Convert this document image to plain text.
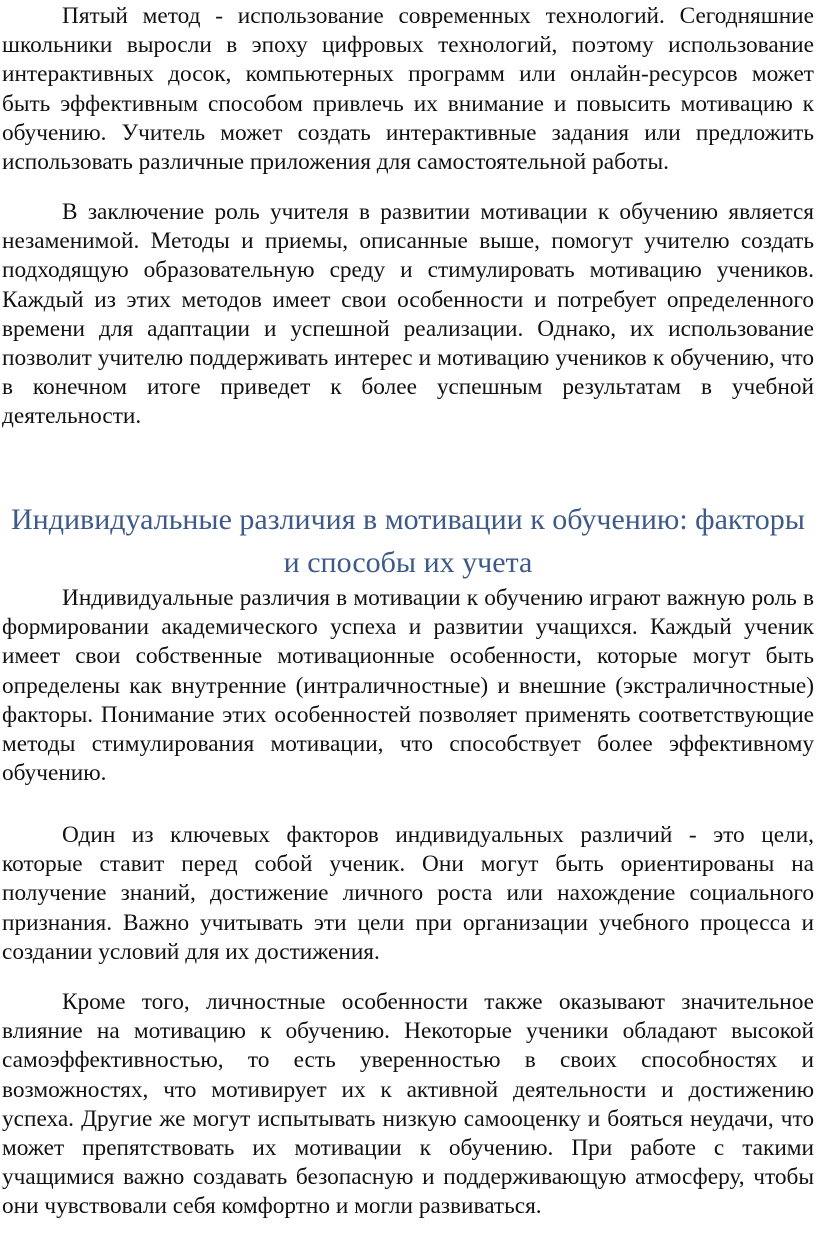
Пятый метод - использование современных технологий. Сегодняшние школьники выросли в эпоху цифровых технологий, поэтому использование интерактивных досок, компьютерных программ или онлайн-ресурсов может быть эффективным способом привлечь их внимание и повысить мотивацию к обучению. Учитель может создать интерактивные задания или предложить использовать различные приложения для самостоятельной работы.

В заключение роль учителя в развитии мотивации к обучению является незаменимой. Методы и приемы, описанные выше, помогут учителю создать подходящую образовательную среду и стимулировать мотивацию учеников. Каждый из этих методов имеет свои особенности и потребует определенного времени для адаптации и успешной реализации. Однако, их использование позволит учителю поддерживать интерес и мотивацию учеников к обучению, что в конечном итоге приведет к более успешным результатам в учебной деятельности.

Индивидуальные различия в мотивации к обучению: факторы и способы их учета

Индивидуальные различия в мотивации к обучению играют важную роль в формировании академического успеха и развитии учащихся. Каждый ученик имеет свои собственные мотивационные особенности, которые могут быть определены как внутренние (интраличностные) и внешние (экстраличностные) факторы. Понимание этих особенностей позволяет применять соответствующие методы стимулирования мотивации, что способствует более эффективному обучению.

Один из ключевых факторов индивидуальных различий - это цели, которые ставит перед собой ученик. Они могут быть ориентированы на получение знаний, достижение личного роста или нахождение социального признания. Важно учитывать эти цели при организации учебного процесса и создании условий для их достижения.

Кроме того, личностные особенности также оказывают значительное влияние на мотивацию к обучению. Некоторые ученики обладают высокой самоэффективностью, то есть уверенностью в своих способностях и возможностях, что мотивирует их к активной деятельности и достижению успеха. Другие же могут испытывать низкую самооценку и бояться неудачи, что может препятствовать их мотивации к обучению. При работе с такими учащимися важно создавать безопасную и поддерживающую атмосферу, чтобы они чувствовали себя комфортно и могли развиваться.
